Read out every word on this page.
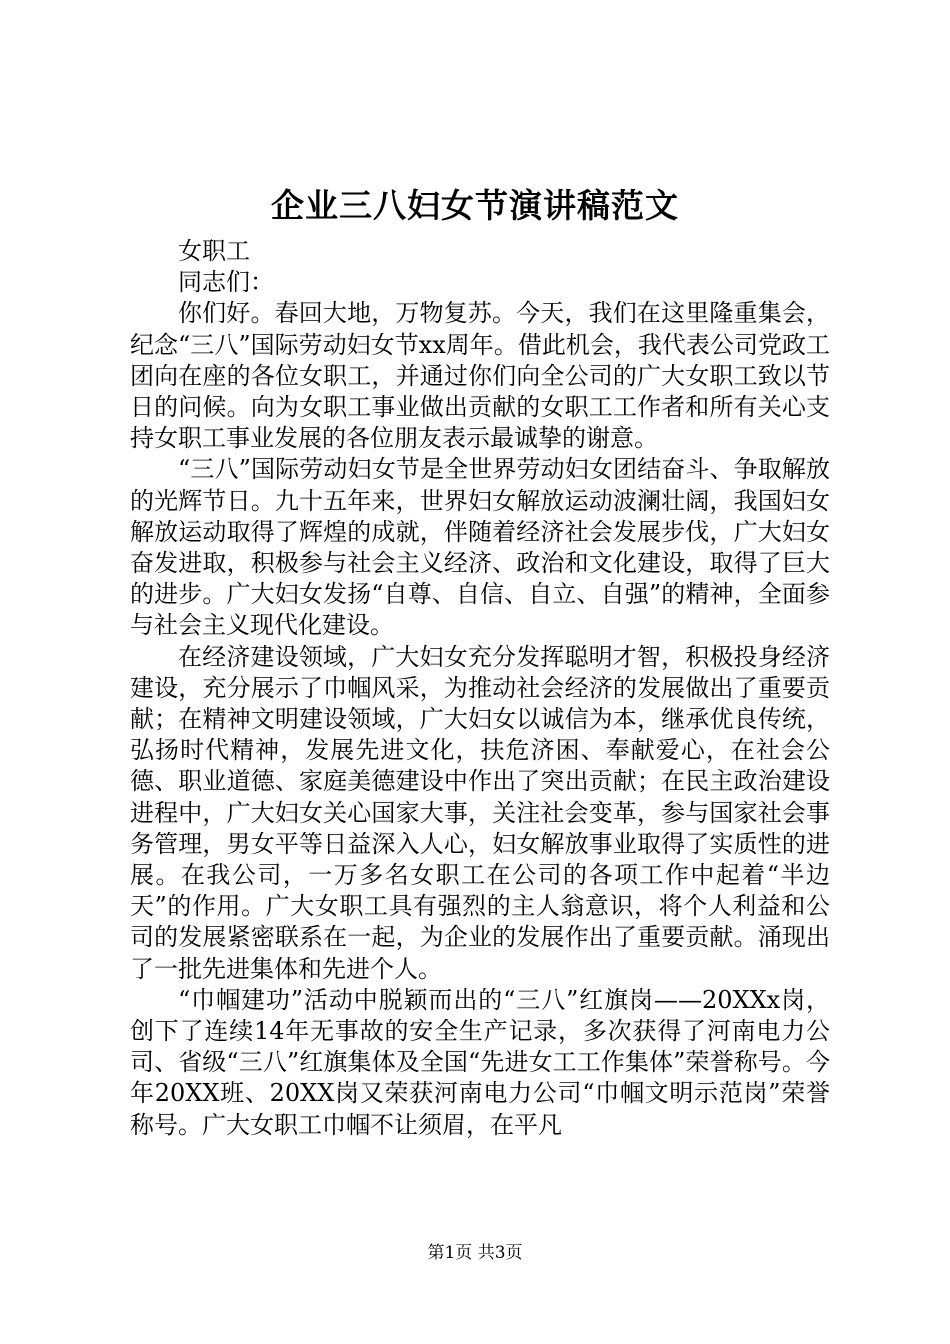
企业三八妇女节演讲稿范文

女职工

同志们：

你们好。春回大地，万物复苏。今天，我们在这里隆重集会，纪念“三八”国际劳动妇女节xx周年。借此机会，我代表公司党政工团向在座的各位女职工，并通过你们向全公司的广大女职工致以节日的问候。向为女职工事业做出贡献的女职工工作者和所有关心支持女职工事业发展的各位朋友表示最诚挚的谢意。

“三八”国际劳动妇女节是全世界劳动妇女团结奋斗、争取解放的光辉节日。九十五年来，世界妇女解放运动波澜壮阔，我国妇女解放运动取得了辉煌的成就，伴随着经济社会发展步伐，广大妇女奋发进取，积极参与社会主义经济、政治和文化建设，取得了巨大的进步。广大妇女发扬“自尊、自信、自立、自强”的精神，全面参与社会主义现代化建设。

在经济建设领域，广大妇女充分发挥聪明才智，积极投身经济建设，充分展示了巾帼风采，为推动社会经济的发展做出了重要贡献；在精神文明建设领域，广大妇女以诚信为本，继承优良传统，弘扬时代精神，发展先进文化，扶危济困、奉献爱心，在社会公德、职业道德、家庭美德建设中作出了突出贡献；在民主政治建设进程中，广大妇女关心国家大事，关注社会变革，参与国家社会事务管理，男女平等日益深入人心，妇女解放事业取得了实质性的进展。在我公司，一万多名女职工在公司的各项工作中起着“半边天”的作用。广大女职工具有强烈的主人翁意识，将个人利益和公司的发展紧密联系在一起，为企业的发展作出了重要贡献。涌现出了一批先进集体和先进个人。

“巾帼建功”活动中脱颖而出的“三八”红旗岗——20XXx岗，创下了连续14年无事故的安全生产记录，多次获得了河南电力公司、省级“三八”红旗集体及全国“先进女工工作集体”荣誉称号。今年20XX班、20XX岗又荣获河南电力公司“巾帼文明示范岗”荣誉称号。广大女职工巾帼不让须眉，在平凡

第1页 共3页
